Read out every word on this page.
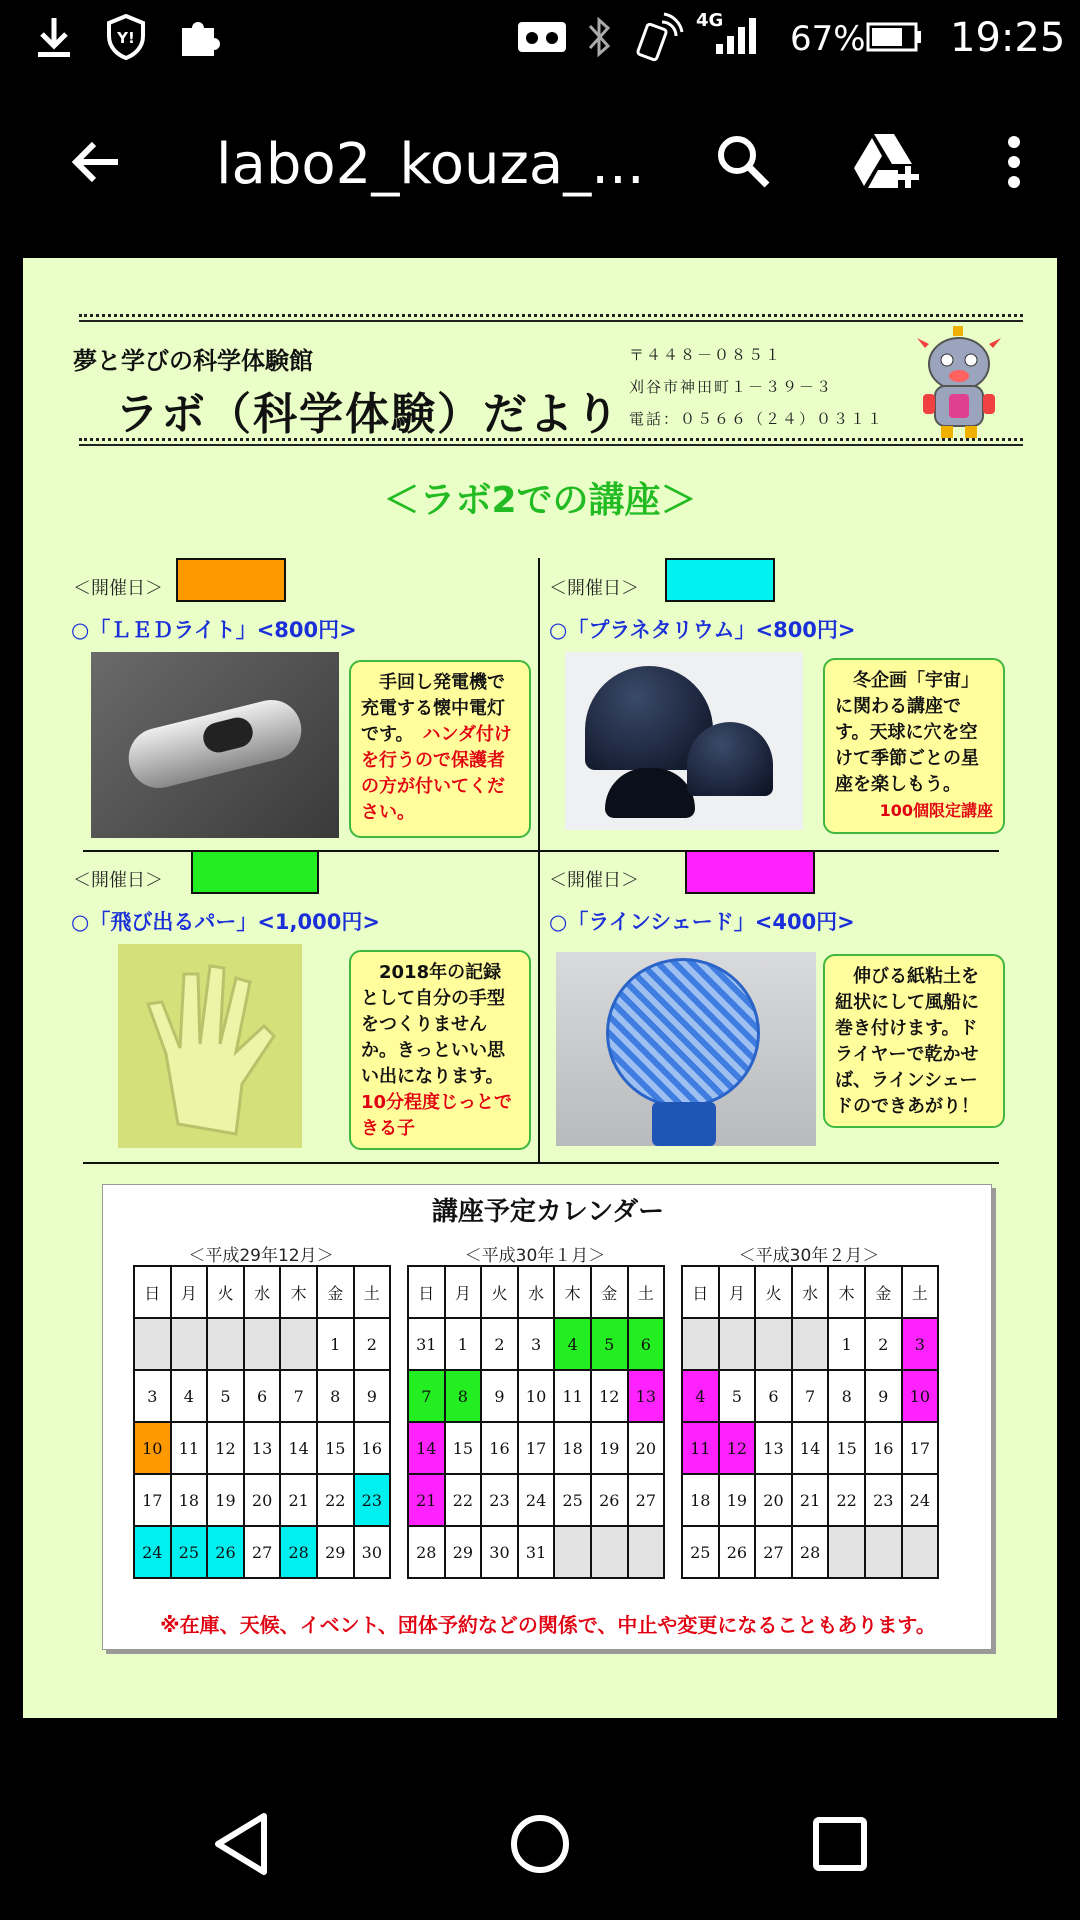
Y!
4G 67% 19:25
labo2_kouza_...
夢と学びの科学体験館
ラボ（科学体験）だより
〒４４８－０８５１
刈谷市神田町１－３９－３
電話：０５６６（２４）０３１１
＜ラボ2での講座＞
＜開催日＞
○「ＬＥＤライト」<800円>
　手回し発電機で充電する懐中電灯です。　ハンダ付けを行うので保護者の方が付いてください。
＜開催日＞
○「プラネタリウム」<800円>
　冬企画「宇宙」に関わる講座です。天球に穴を空けて季節ごとの星座を楽しもう。

100個限定講座
＜開催日＞
○「飛び出るパー」<1,000円>
　2018年の記録として自分の手型をつくりませんか。きっといい思い出になります。10分程度じっとできる子
＜開催日＞
○「ラインシェード」<400円>
　伸びる紙粘土を紐状にして風船に巻き付けます。ドライヤーで乾かせば、ラインシェードのできあがり！
講座予定カレンダー
＜平成29年12月＞	＜平成30年１月＞	＜平成30年２月＞
日	月	火	水	木	金	土
					1	2
3	4	5	6	7	8	9
10	11	12	13	14	15	16
17	18	19	20	21	22	23
24	25	26	27	28	29	30
日	月	火	水	木	金	土
31	1	2	3	4	5	6
7	8	9	10	11	12	13
14	15	16	17	18	19	20
21	22	23	24	25	26	27
28	29	30	31			
日	月	火	水	木	金	土
				1	2	3
4	5	6	7	8	9	10
11	12	13	14	15	16	17
18	19	20	21	22	23	24
25	26	27	28			
※在庫、天候、イベント、団体予約などの関係で、中止や変更になることもあります。
